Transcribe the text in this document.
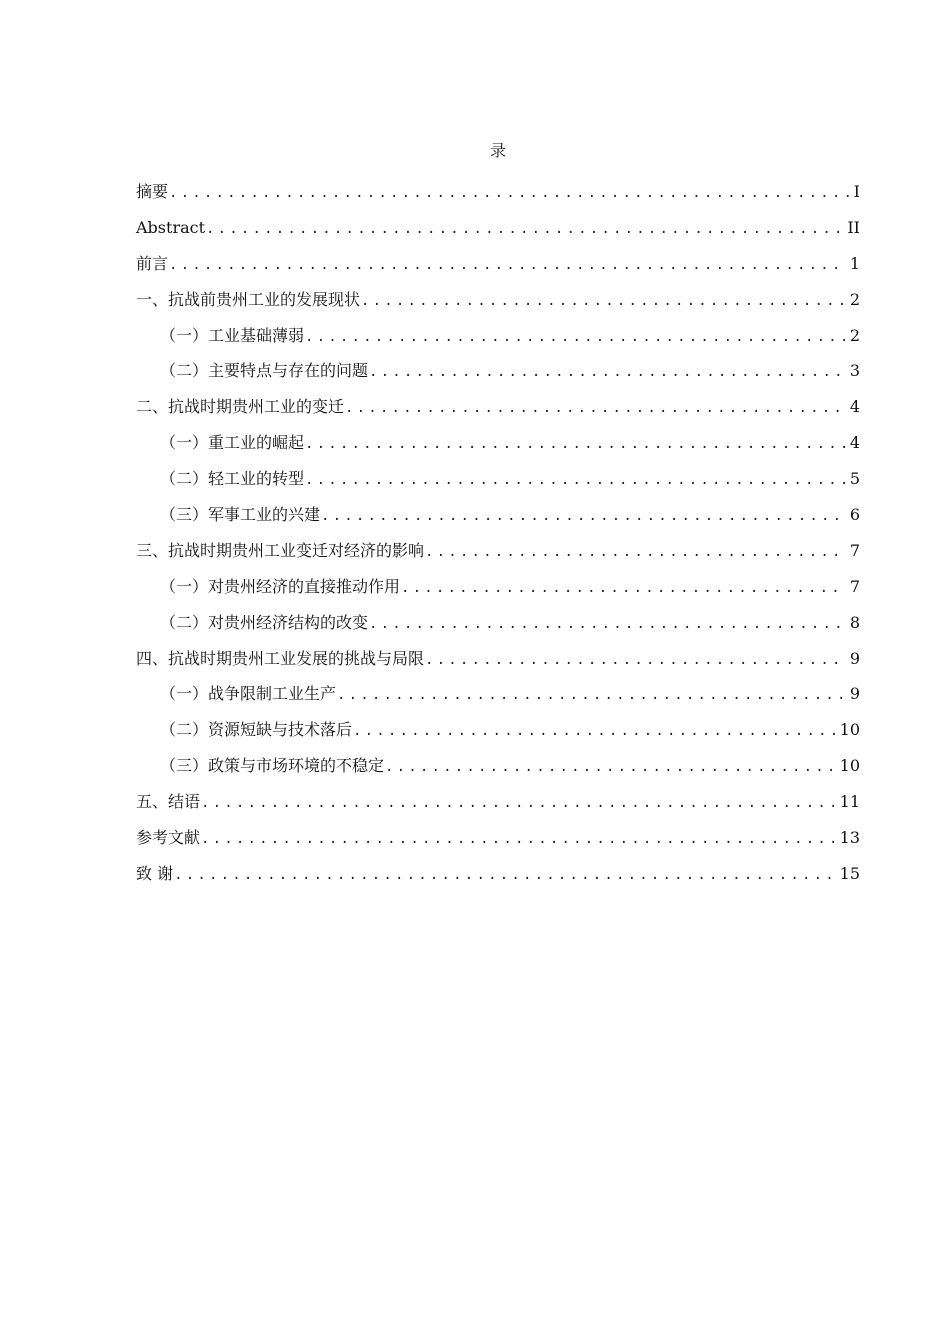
录
摘要 .....	I
Abstract .....	II
前言 .....	1
一、抗战前贵州工业的发展现状 .....	2
（一）工业基础薄弱 .....	2
（二）主要特点与存在的问题 .....	3
二、抗战时期贵州工业的变迁 .....	4
（一）重工业的崛起 .....	4
（二）轻工业的转型 .....	5
（三）军事工业的兴建 .....	6
三、抗战时期贵州工业变迁对经济的影响 .....	7
（一）对贵州经济的直接推动作用 .....	7
（二）对贵州经济结构的改变 .....	8
四、抗战时期贵州工业发展的挑战与局限 .....	9
（一）战争限制工业生产 .....	9
（二）资源短缺与技术落后 .....	10
（三）政策与市场环境的不稳定 .....	10
五、结语 .....	11
参考文献 .....	13
致 谢 .....	15
